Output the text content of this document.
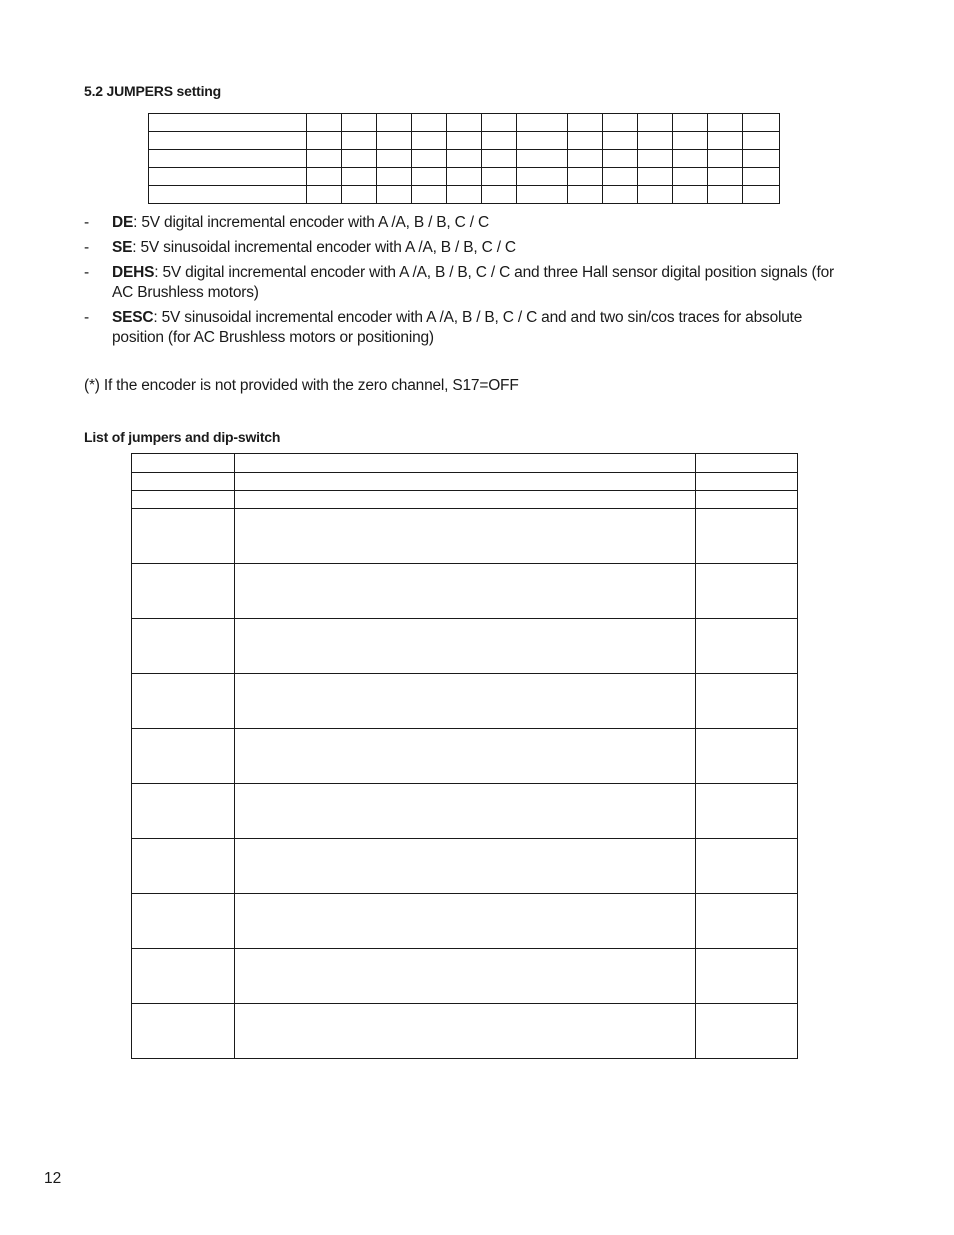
5.2 JUMPERS setting

- DE: 5V digital incremental encoder with A /A, B / B, C / C
- SE: 5V sinusoidal incremental encoder with A /A, B / B, C / C
- DEHS: 5V digital incremental encoder with A /A, B / B, C / C and three Hall sensor digital position signals (for AC Brushless motors)
- SESC: 5V sinusoidal incremental encoder with A /A, B / B, C / C and and two sin/cos traces for absolute position (for AC Brushless motors or positioning)
(*) If the encoder is not provided with the zero channel, S17=OFF
List of jumpers and dip-switch

12
